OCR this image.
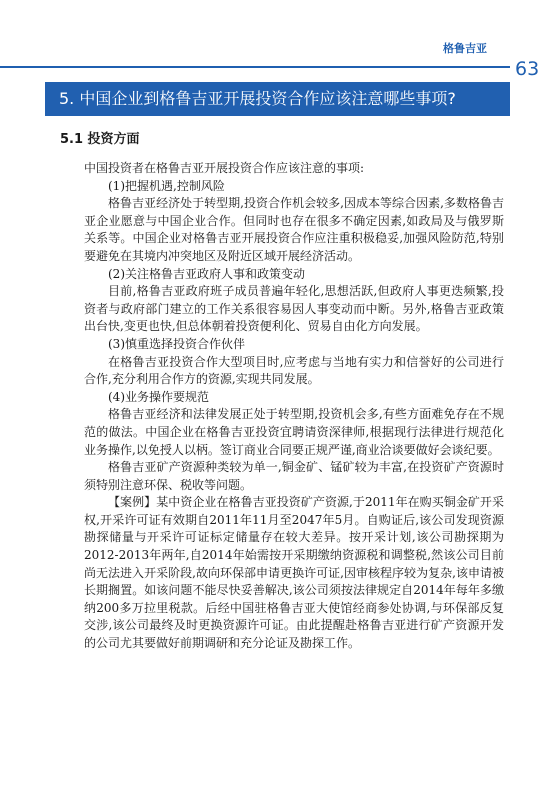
格鲁吉亚
63
5. 中国企业到格鲁吉亚开展投资合作应该注意哪些事项?
5.1 投资方面

中国投资者在格鲁吉亚开展投资合作应该注意的事项:

(1)把握机遇,控制风险

格鲁吉亚经济处于转型期,投资合作机会较多,因成本等综合因素,多数格鲁吉亚企业愿意与中国企业合作。但同时也存在很多不确定因素,如政局及与俄罗斯关系等。中国企业对格鲁吉亚开展投资合作应注重积极稳妥,加强风险防范,特别要避免在其境内冲突地区及附近区域开展经济活动。

(2)关注格鲁吉亚政府人事和政策变动

目前,格鲁吉亚政府班子成员普遍年轻化,思想活跃,但政府人事更迭频繁,投资者与政府部门建立的工作关系很容易因人事变动而中断。另外,格鲁吉亚政策出台快,变更也快,但总体朝着投资便利化、贸易自由化方向发展。

(3)慎重选择投资合作伙伴

在格鲁吉亚投资合作大型项目时,应考虑与当地有实力和信誉好的公司进行合作,充分利用合作方的资源,实现共同发展。

(4)业务操作要规范

格鲁吉亚经济和法律发展正处于转型期,投资机会多,有些方面难免存在不规范的做法。中国企业在格鲁吉亚投资宜聘请资深律师,根据现行法律进行规范化业务操作,以免授人以柄。签订商业合同要正规严谨,商业洽谈要做好会谈纪要。

格鲁吉亚矿产资源种类较为单一,铜金矿、锰矿较为丰富,在投资矿产资源时须特别注意环保、税收等问题。

【案例】某中资企业在格鲁吉亚投资矿产资源,于2011年在购买铜金矿开采权,开采许可证有效期自2011年11月至2047年5月。自购证后,该公司发现资源勘探储量与开采许可证标定储量存在较大差异。按开采计划,该公司勘探期为2012-2013年两年,自2014年始需按开采期缴纳资源税和调整税,然该公司目前尚无法进入开采阶段,故向环保部申请更换许可证,因审核程序较为复杂,该申请被长期搁置。如该问题不能尽快妥善解决,该公司须按法律规定自2014年每年多缴纳200多万拉里税款。后经中国驻格鲁吉亚大使馆经商参处协调,与环保部反复交涉,该公司最终及时更换资源许可证。由此提醒赴格鲁吉亚进行矿产资源开发的公司尤其要做好前期调研和充分论证及勘探工作。
